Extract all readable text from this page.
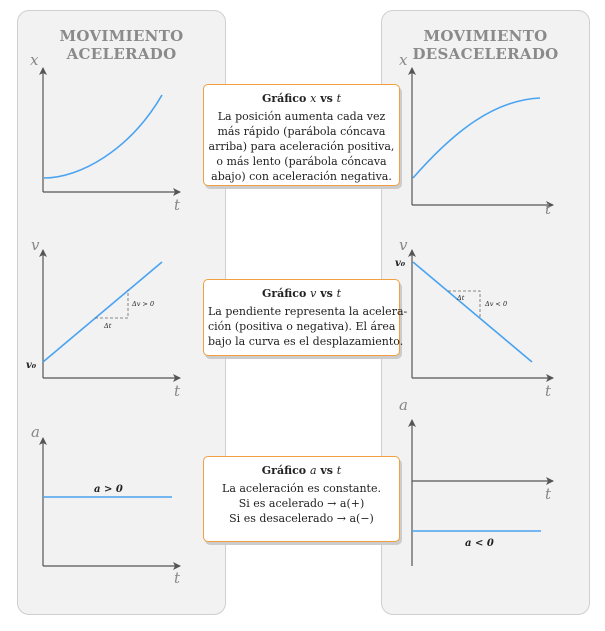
MOVIMIENTO
ACELERADO
MOVIMIENTO
DESACELERADO
x
t
v
t
a
t
x
t
v
t
a
t
v₀
v₀
Δv > 0
Δt
Δv < 0
Δt
a > 0
a < 0
Gráfico x vs t
La posición aumenta cada vez
más rápido (parábola cóncava
arriba) para aceleración positiva,
o más lento (parábola cóncava
abajo) con aceleración negativa.
Gráfico v vs t
La pendiente representa la acelera-
ción (positiva o negativa). El área
bajo la curva es el desplazamiento.
Gráfico a vs t
La aceleración es constante.
Si es acelerado → a(+)
Si es desacelerado → a(−)
